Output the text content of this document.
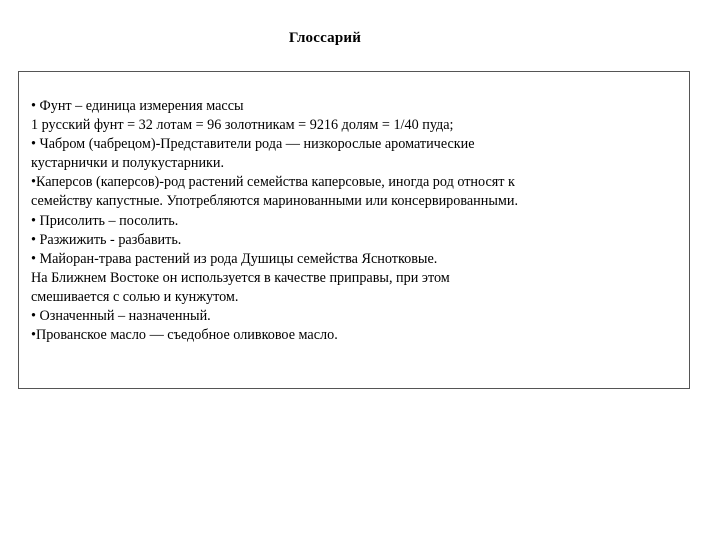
Глоссарий
• Фунт – единица измерения массы
1 русский фунт = 32 лотам = 96 золотникам = 9216 долям = 1/40 пуда;
• Чабром (чабрецом)-Представители рода — низкорослые ароматические
кустарнички и полукустарники.
•Каперсов (каперсов)-род растений семейства каперсовые, иногда род относят к
семейству капустные. Употребляются маринованными или консервированными.
• Присолить – посолить.
• Разжижить - разбавить.
• Майоран-трава растений из рода Душицы семейства Яснотковые.
На Ближнем Востоке он используется в качестве приправы, при этом
смешивается с солью и кунжутом.
• Означенный – назначенный.
•Прованское масло — съедобное оливковое масло.
